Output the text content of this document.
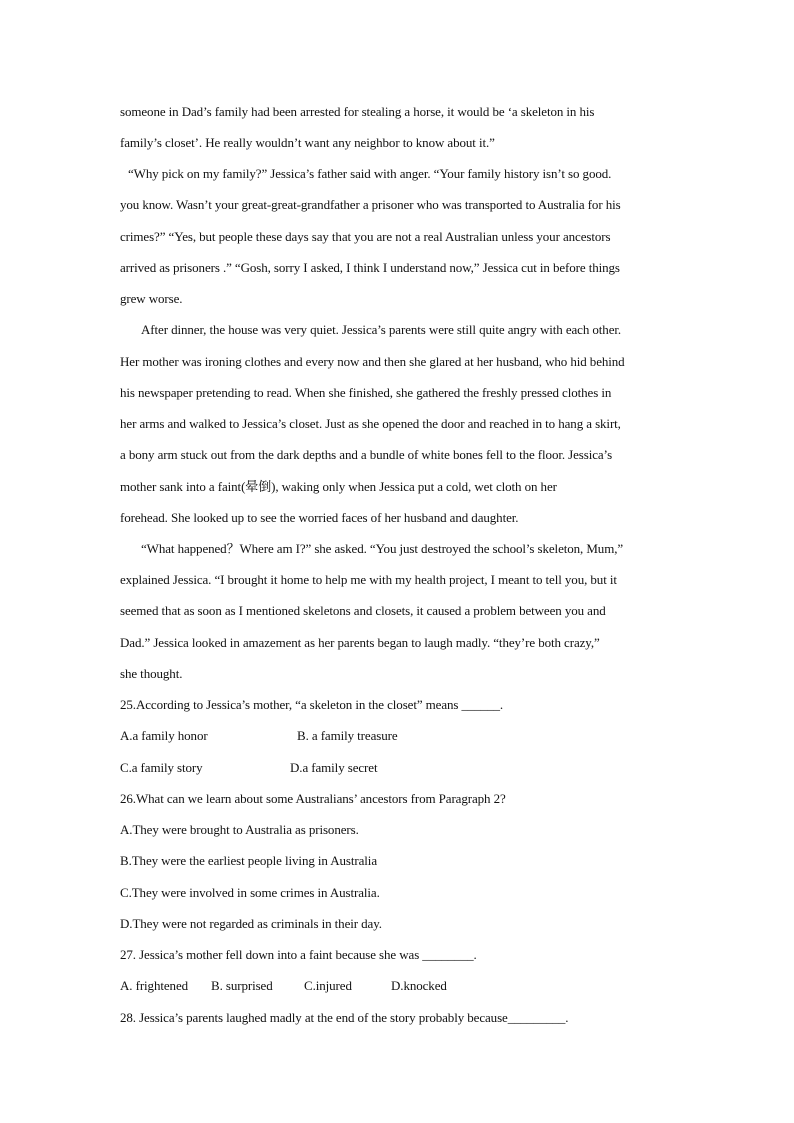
someone in Dad’s family had been arrested for stealing a horse, it would be ‘a skeleton in his
family’s closet’. He really wouldn’t want any neighbor to know about it.”
“Why pick on my family?” Jessica’s father said with anger. “Your family history isn’t so good.
you know. Wasn’t your great-great-grandfather a prisoner who was transported to Australia for his
crimes?” “Yes, but people these days say that you are not a real Australian unless your ancestors
arrived as prisoners .” “Gosh, sorry I asked, I think I understand now,” Jessica cut in before things
grew worse.
After dinner, the house was very quiet. Jessica’s parents were still quite angry with each other.
Her mother was ironing clothes and every now and then she glared at her husband, who hid behind
his newspaper pretending to read. When she finished, she gathered the freshly pressed clothes in
her arms and walked to Jessica’s closet. Just as she opened the door and reached in to hang a skirt,
a bony arm stuck out from the dark depths and a bundle of white bones fell to the floor. Jessica’s
mother sank into a faint(晕倒), waking only when Jessica put a cold, wet cloth on her
forehead. She looked up to see the worried faces of her husband and daughter.
“What happened？Where am I?” she asked. “You just destroyed the school’s skeleton, Mum,”
explained Jessica. “I brought it home to help me with my health project, I meant to tell you, but it
seemed that as soon as I mentioned skeletons and closets, it caused a problem between you and
Dad.” Jessica looked in amazement as her parents began to laugh madly. “they’re both crazy,”
she thought.
25.According to Jessica’s mother, “a skeleton in the closet” means ______.
A.a family honor	B. a family treasure
C.a family story	D.a family secret
26.What can we learn about some Australians’ ancestors from Paragraph 2?
A.They were brought to Australia as prisoners.
B.They were the earliest people living in Australia
C.They were involved in some crimes in Australia.
D.They were not regarded as criminals in their day.
27. Jessica’s mother fell down into a faint because she was ________.
A. frightened B. surprised C.injured	D.knocked
28. Jessica’s parents laughed madly at the end of the story probably because_________.
